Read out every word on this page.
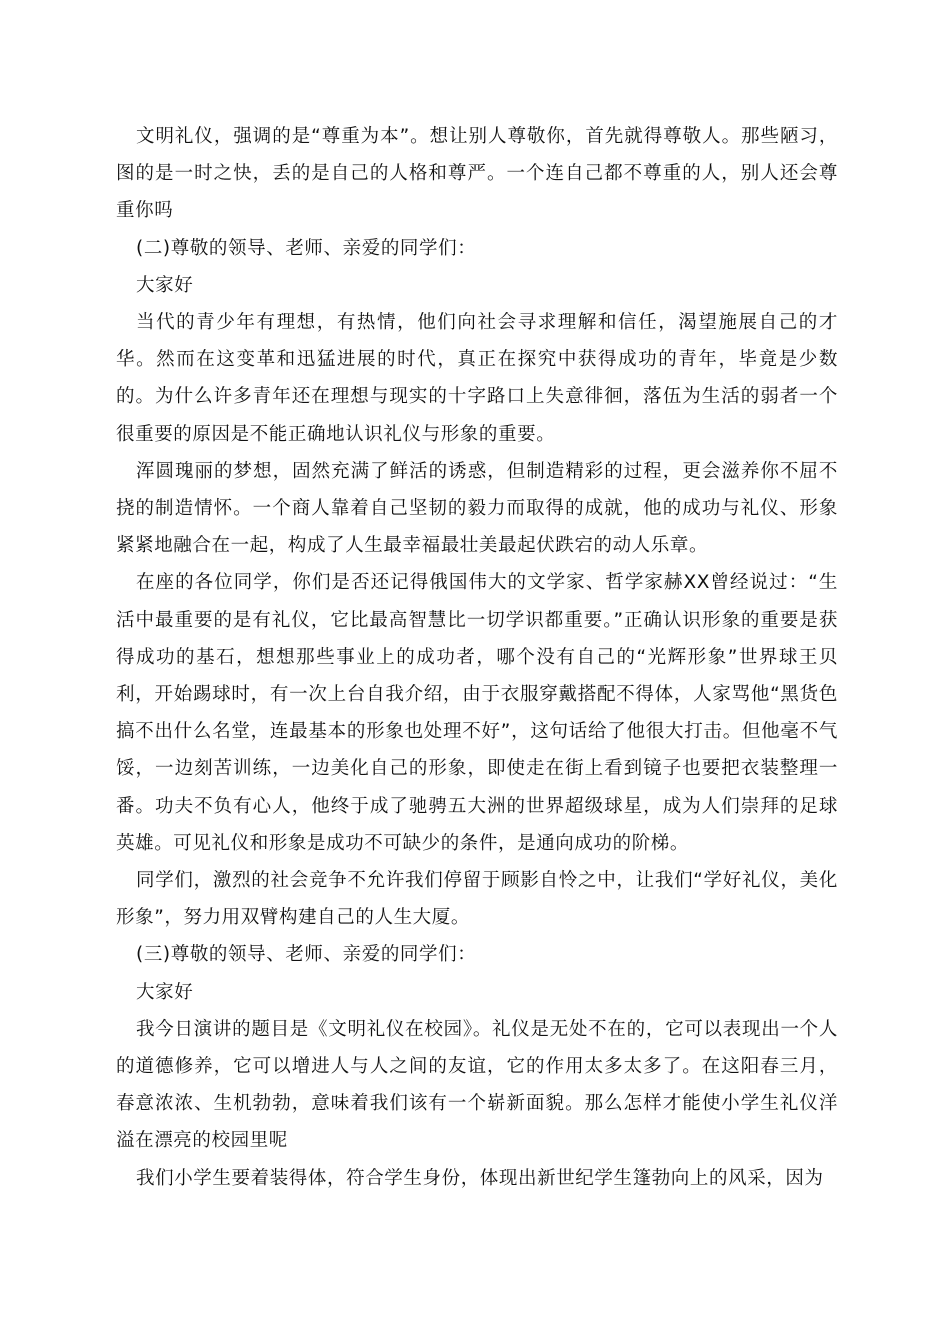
文明礼仪，强调的是“尊重为本”。想让别人尊敬你，首先就得尊敬人。那些陋习，图的是一时之快，丢的是自己的人格和尊严。一个连自己都不尊重的人，别人还会尊重你吗

(二)尊敬的领导、老师、亲爱的同学们：

大家好

当代的青少年有理想，有热情，他们向社会寻求理解和信任，渴望施展自己的才华。然而在这变革和迅猛进展的时代，真正在探究中获得成功的青年，毕竟是少数的。为什么许多青年还在理想与现实的十字路口上失意徘徊，落伍为生活的弱者一个很重要的原因是不能正确地认识礼仪与形象的重要。

浑圆瑰丽的梦想，固然充满了鲜活的诱惑，但制造精彩的过程，更会滋养你不屈不挠的制造情怀。一个商人靠着自己坚韧的毅力而取得的成就，他的成功与礼仪、形象紧紧地融合在一起，构成了人生最幸福最壮美最起伏跌宕的动人乐章。

在座的各位同学，你们是否还记得俄国伟大的文学家、哲学家赫XX曾经说过：“生活中最重要的是有礼仪，它比最高智慧比一切学识都重要。”正确认识形象的重要是获得成功的基石，想想那些事业上的成功者，哪个没有自己的“光辉形象”世界球王贝利，开始踢球时，有一次上台自我介绍，由于衣服穿戴搭配不得体，人家骂他“黑货色搞不出什么名堂，连最基本的形象也处理不好”，这句话给了他很大打击。但他毫不气馁，一边刻苦训练，一边美化自己的形象，即使走在街上看到镜子也要把衣装整理一番。功夫不负有心人，他终于成了驰骋五大洲的世界超级球星，成为人们崇拜的足球英雄。可见礼仪和形象是成功不可缺少的条件，是通向成功的阶梯。

同学们，激烈的社会竞争不允许我们停留于顾影自怜之中，让我们“学好礼仪，美化形象”，努力用双臂构建自己的人生大厦。

(三)尊敬的领导、老师、亲爱的同学们：

大家好

我今日演讲的题目是《文明礼仪在校园》。礼仪是无处不在的，它可以表现出一个人的道德修养，它可以增进人与人之间的友谊，它的作用太多太多了。在这阳春三月，春意浓浓、生机勃勃，意味着我们该有一个崭新面貌。那么怎样才能使小学生礼仪洋溢在漂亮的校园里呢

我们小学生要着装得体，符合学生身份，体现出新世纪学生篷勃向上的风采，因为
